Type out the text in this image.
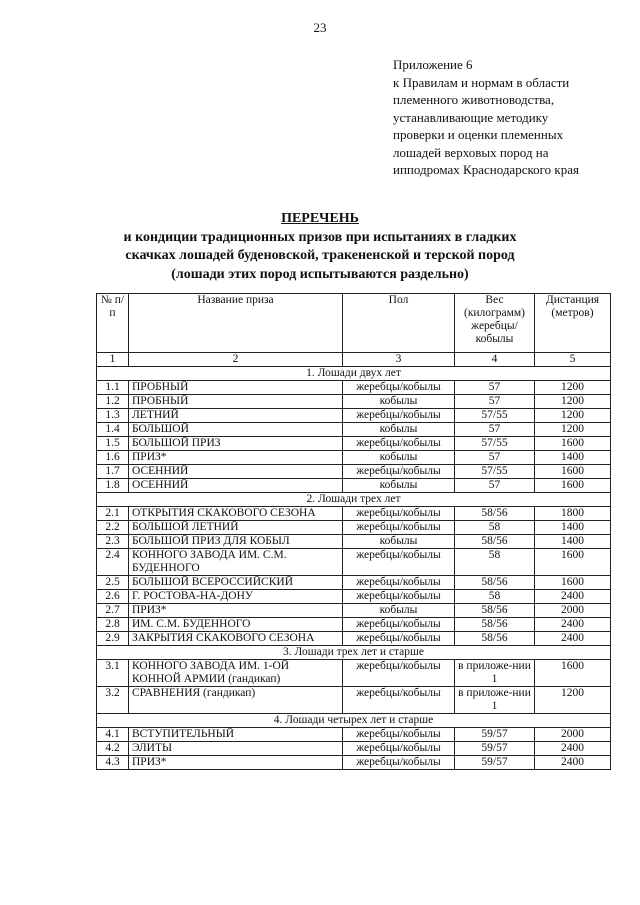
23
Приложение 6
к Правилам и нормам в области
племенного животноводства,
устанавливающие методику
проверки и оценки племенных
лошадей верховых пород на
ипподромах Краснодарского края
ПЕРЕЧЕНЬ
и кондиции традиционных призов при испытаниях в гладких
скачках лошадей буденовской, тракененской и терской пород
(лошади этих пород испытываются раздельно)
№ п/п	Название приза	Пол	Вес (килограмм) жеребцы/ кобылы	Дистанция (метров)
1	2	3	4	5
1. Лошади двух лет				
1.1	ПРОБНЫЙ	жеребцы/кобылы	57	1200
1.2	ПРОБНЫЙ	кобылы	57	1200
1.3	ЛЕТНИЙ	жеребцы/кобылы	57/55	1200
1.4	БОЛЬШОЙ	кобылы	57	1200
1.5	БОЛЬШОЙ ПРИЗ	жеребцы/кобылы	57/55	1600
1.6	ПРИЗ*	кобылы	57	1400
1.7	ОСЕННИЙ	жеребцы/кобылы	57/55	1600
1.8	ОСЕННИЙ	кобылы	57	1600
2. Лошади трех лет				
2.1	ОТКРЫТИЯ СКАКОВОГО СЕЗОНА	жеребцы/кобылы	58/56	1800
2.2	БОЛЬШОЙ ЛЕТНИЙ	жеребцы/кобылы	58	1400
2.3	БОЛЬШОЙ ПРИЗ ДЛЯ КОБЫЛ	кобылы	58/56	1400
2.4	КОННОГО ЗАВОДА ИМ. С.М. БУДЕННОГО	жеребцы/кобылы	58	1600
2.5	БОЛЬШОЙ ВСЕРОССИЙСКИЙ	жеребцы/кобылы	58/56	1600
2.6	Г. РОСТОВА-НА-ДОНУ	жеребцы/кобылы	58	2400
2.7	ПРИЗ*	кобылы	58/56	2000
2.8	ИМ. С.М. БУДЕННОГО	жеребцы/кобылы	58/56	2400
2.9	ЗАКРЫТИЯ СКАКОВОГО СЕЗОНА	жеребцы/кобылы	58/56	2400
3. Лошади трех лет и старше				
3.1	КОННОГО ЗАВОДА ИМ. 1-ОЙ КОННОЙ АРМИИ (гандикап)	жеребцы/кобылы	в приложе-нии 1	1600
3.2	СРАВНЕНИЯ (гандикап)	жеребцы/кобылы	в приложе-нии 1	1200
4. Лошади четырех лет и старше				
4.1	ВСТУПИТЕЛЬНЫЙ	жеребцы/кобылы	59/57	2000
4.2	ЭЛИТЫ	жеребцы/кобылы	59/57	2400
4.3	ПРИЗ*	жеребцы/кобылы	59/57	2400
